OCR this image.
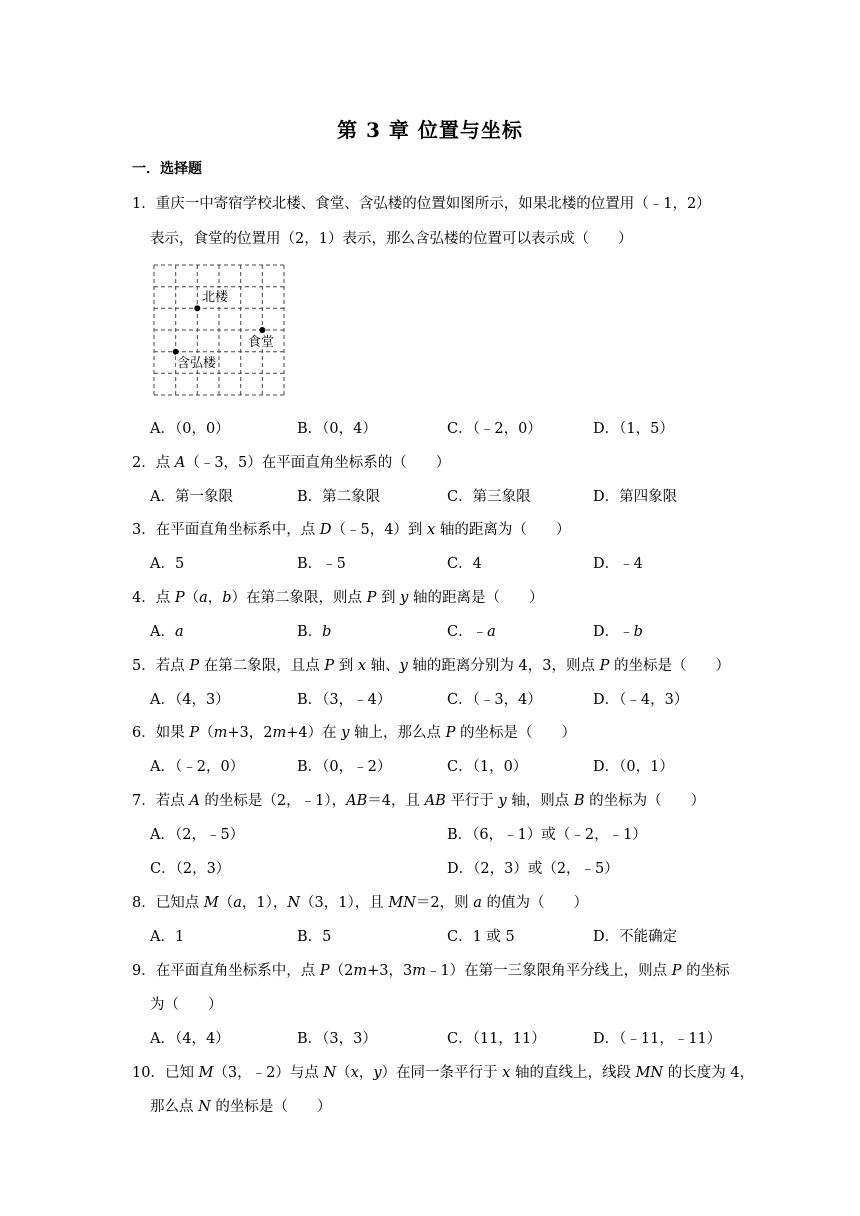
第 3 章 位置与坐标
一．选择题
1．重庆一中寄宿学校北楼、食堂、含弘楼的位置如图所示，如果北楼的位置用（﹣1，2）
表示，食堂的位置用（2，1）表示，那么含弘楼的位置可以表示成（　　）
北楼
食堂
含弘楼
A．（0，0）	B．（0，4）	C．（﹣2，0）	D．（1，5）
2．点 A（﹣3，5）在平面直角坐标系的（　　）
A．第一象限	B．第二象限	C．第三象限	D．第四象限
3．在平面直角坐标系中，点 D（﹣5，4）到 x 轴的距离为（　　）
A．5	B．﹣5	C．4	D．﹣4
4．点 P（a，b）在第二象限，则点 P 到 y 轴的距离是（　　）
A．a	B．b	C．﹣a	D．﹣b
5．若点 P 在第二象限，且点 P 到 x 轴、y 轴的距离分别为 4，3，则点 P 的坐标是（　　）
A．（4，3）	B．（3，﹣4）	C．（﹣3，4）	D．（﹣4，3）
6．如果 P（m+3，2m+4）在 y 轴上，那么点 P 的坐标是（　　）
A．（﹣2，0）	B．（0，﹣2）	C．（1，0）	D．（0，1）
7．若点 A 的坐标是（2，﹣1），AB＝4，且 AB 平行于 y 轴，则点 B 的坐标为（　　）
A．（2，﹣5）	B．（6，﹣1）或（﹣2，﹣1）
C．（2，3）	D．（2，3）或（2，﹣5）
8．已知点 M（a，1），N（3，1），且 MN＝2，则 a 的值为（　　）
A．1	B．5	C．1 或 5	D．不能确定
9．在平面直角坐标系中，点 P（2m+3，3m﹣1）在第一三象限角平分线上，则点 P 的坐标
为（　　）
A．（4，4）	B．（3，3）	C．（11，11）	D．（﹣11，﹣11）
10．已知 M（3，﹣2）与点 N（x，y）在同一条平行于 x 轴的直线上，线段 MN 的长度为 4，
那么点 N 的坐标是（　　）
